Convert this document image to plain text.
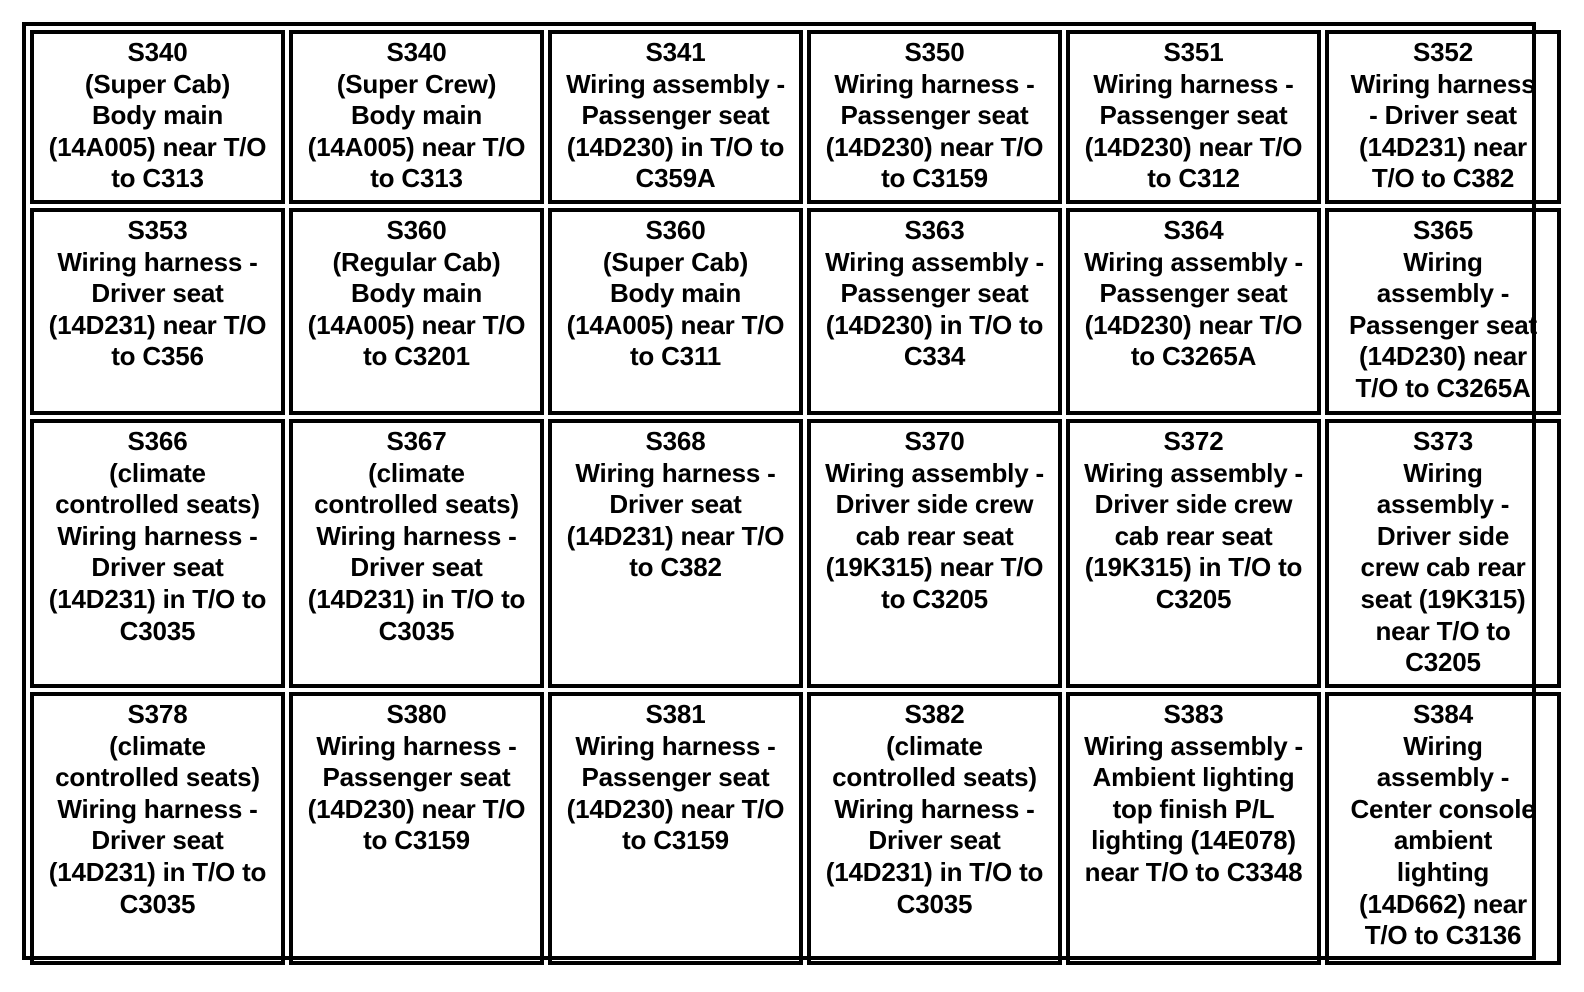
S340
(Super Cab)
Body main
(14A005) near T/O
to C313

S340
(Super Crew)
Body main
(14A005) near T/O
to C313

S341
Wiring assembly -
Passenger seat
(14D230) in T/O to
C359A

S350
Wiring harness -
Passenger seat
(14D230) near T/O
to C3159

S351
Wiring harness -
Passenger seat
(14D230) near T/O
to C312

S352
Wiring harness
- Driver seat
(14D231) near
T/O to C382

S353
Wiring harness -
Driver seat
(14D231) near T/O
to C356

S360
(Regular Cab)
Body main
(14A005) near T/O
to C3201

S360
(Super Cab)
Body main
(14A005) near T/O
to C311

S363
Wiring assembly -
Passenger seat
(14D230) in T/O to
C334

S364
Wiring assembly -
Passenger seat
(14D230) near T/O
to C3265A

S365
Wiring
assembly -
Passenger seat
(14D230) near
T/O to C3265A

S366
(climate
controlled seats)
Wiring harness -
Driver seat
(14D231) in T/O to
C3035

S367
(climate
controlled seats)
Wiring harness -
Driver seat
(14D231) in T/O to
C3035

S368
Wiring harness -
Driver seat
(14D231) near T/O
to C382

S370
Wiring assembly -
Driver side crew
cab rear seat
(19K315) near T/O
to C3205

S372
Wiring assembly -
Driver side crew
cab rear seat
(19K315) in T/O to
C3205

S373
Wiring
assembly -
Driver side
crew cab rear
seat (19K315)
near T/O to
C3205

S378
(climate
controlled seats)
Wiring harness -
Driver seat
(14D231) in T/O to
C3035

S380
Wiring harness -
Passenger seat
(14D230) near T/O
to C3159

S381
Wiring harness -
Passenger seat
(14D230) near T/O
to C3159

S382
(climate
controlled seats)
Wiring harness -
Driver seat
(14D231) in T/O to
C3035

S383
Wiring assembly -
Ambient lighting
top finish P/L
lighting (14E078)
near T/O to C3348

S384
Wiring
assembly -
Center console
ambient
lighting
(14D662) near
T/O to C3136
